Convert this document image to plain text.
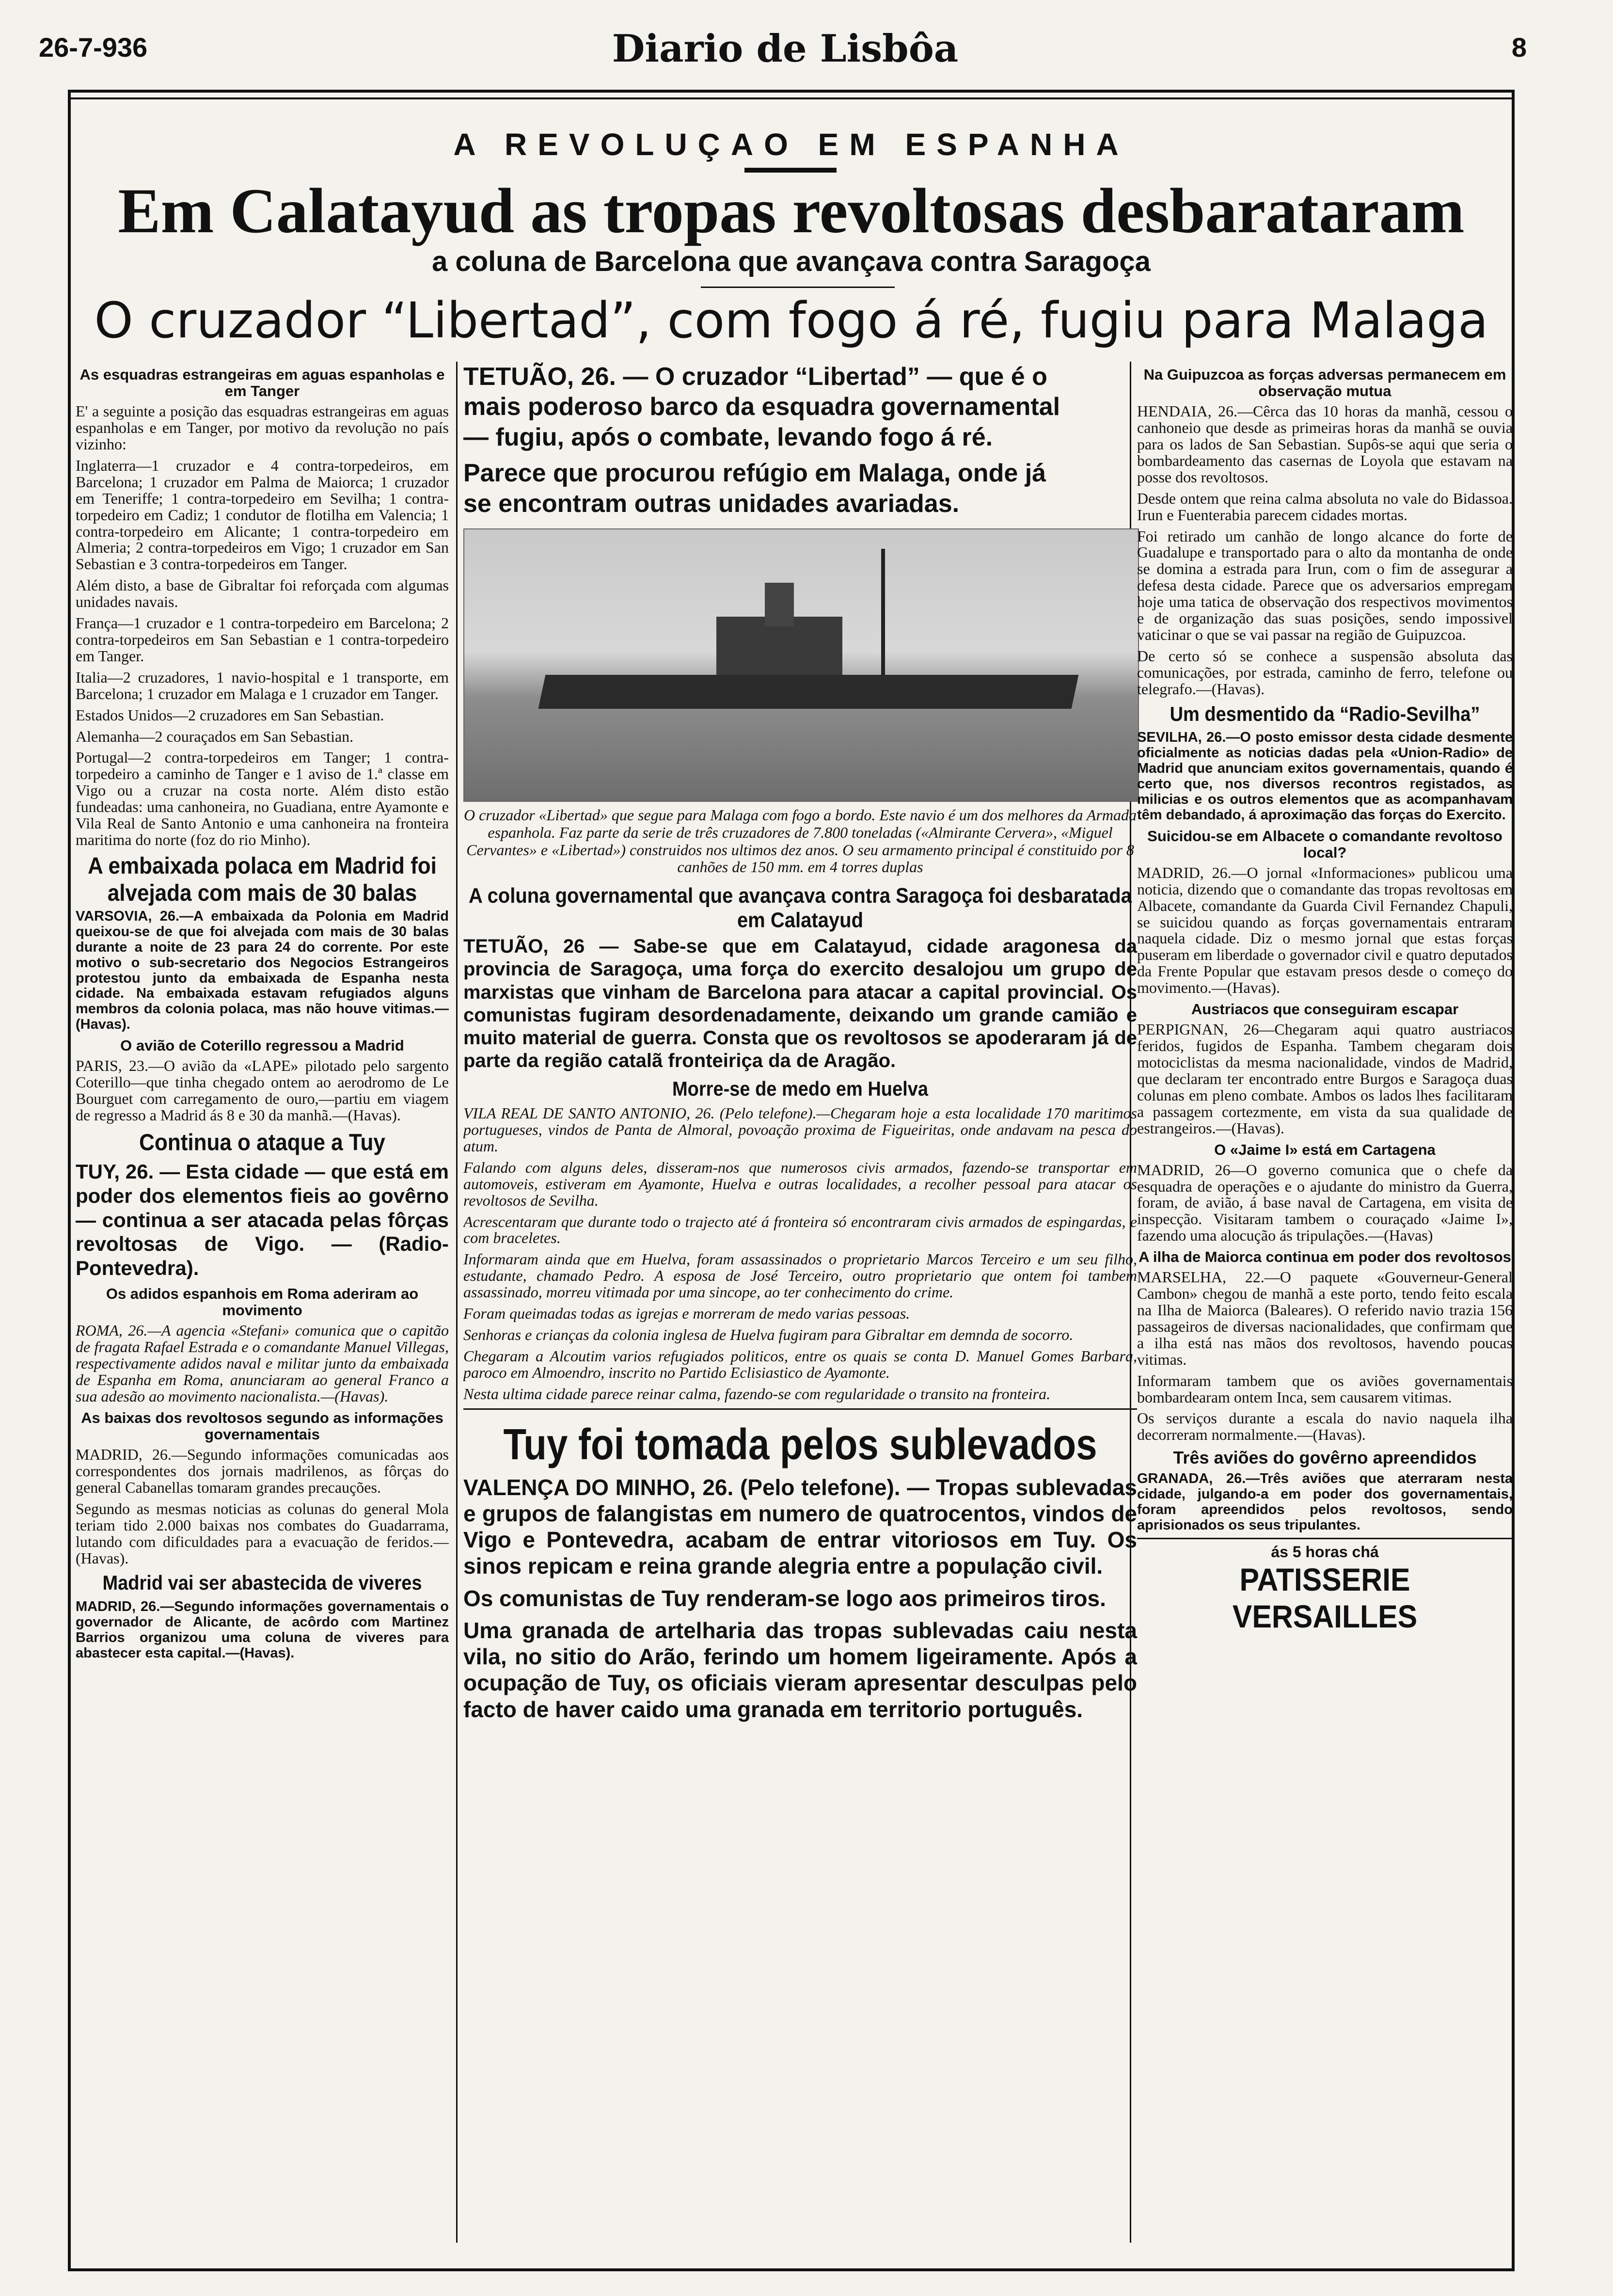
26-7-936	Diario de Lisbôa	8
A REVOLUÇAO EM ESPANHA
Em Calatayud as tropas revoltosas desbarataram
a coluna de Barcelona que avançava contra Saragoça
O cruzador “Libertad”, com fogo á ré, fugiu para Malaga
As esquadras estrangeiras em aguas espanholas e em Tanger

E' a seguinte a posição das esquadras estrangeiras em aguas espanholas e em Tanger, por motivo da revolução no país vizinho:

Inglaterra—1 cruzador e 4 contra-torpedeiros, em Barcelona; 1 cruzador em Palma de Maiorca; 1 cruzador em Teneriffe; 1 contra-torpedeiro em Sevilha; 1 contra-torpedeiro em Cadiz; 1 condutor de flotilha em Valencia; 1 contra-torpedeiro em Alicante; 1 contra-torpedeiro em Almeria; 2 contra-torpedeiros em Vigo; 1 cruzador em San Sebastian e 3 contra-torpedeiros em Tanger.

Além disto, a base de Gibraltar foi reforçada com algumas unidades navais.

França—1 cruzador e 1 contra-torpedeiro em Barcelona; 2 contra-torpedeiros em San Sebastian e 1 contra-torpedeiro em Tanger.

Italia—2 cruzadores, 1 navio-hospital e 1 transporte, em Barcelona; 1 cruzador em Malaga e 1 cruzador em Tanger.

Estados Unidos—2 cruzadores em San Sebastian.

Alemanha—2 couraçados em San Sebastian.

Portugal—2 contra-torpedeiros em Tanger; 1 contra-torpedeiro a caminho de Tanger e 1 aviso de 1.ª classe em Vigo ou a cruzar na costa norte. Além disto estão fundeadas: uma canhoneira, no Guadiana, entre Ayamonte e Vila Real de Santo Antonio e uma canhoneira na fronteira maritima do norte (foz do rio Minho).

A embaixada polaca em Madrid foi alvejada com mais de 30 balas

VARSOVIA, 26.—A embaixada da Polonia em Madrid queixou-se de que foi alvejada com mais de 30 balas durante a noite de 23 para 24 do corrente. Por este motivo o sub-secretario dos Negocios Estrangeiros protestou junto da embaixada de Espanha nesta cidade. Na embaixada estavam refugiados alguns membros da colonia polaca, mas não houve vitimas.—(Havas).

O avião de Coterillo regressou a Madrid

PARIS, 23.—O avião da «LAPE» pilotado pelo sargento Coterillo—que tinha chegado ontem ao aerodromo de Le Bourguet com carregamento de ouro,—partiu em viagem de regresso a Madrid ás 8 e 30 da manhã.—(Havas).

Continua o ataque a Tuy

TUY, 26. — Esta cidade — que está em poder dos elementos fieis ao govêrno — continua a ser atacada pelas fôrças revoltosas de Vigo. — (Radio-Pontevedra).

Os adidos espanhois em Roma aderiram ao movimento

ROMA, 26.—A agencia «Stefani» comunica que o capitão de fragata Rafael Estrada e o comandante Manuel Villegas, respectivamente adidos naval e militar junto da embaixada de Espanha em Roma, anunciaram ao general Franco a sua adesão ao movimento nacionalista.—(Havas).

As baixas dos revoltosos segundo as informações governamentais

MADRID, 26.—Segundo informações comunicadas aos correspondentes dos jornais madrilenos, as fôrças do general Cabanellas tomaram grandes precauções.

Segundo as mesmas noticias as colunas do general Mola teriam tido 2.000 baixas nos combates do Guadarrama, lutando com dificuldades para a evacuação de feridos.—(Havas).

Madrid vai ser abastecida de viveres

MADRID, 26.—Segundo informações governamentais o governador de Alicante, de acôrdo com Martinez Barrios organizou uma coluna de viveres para abastecer esta capital.—(Havas).

TETUÃO, 26. — O cruzador “Libertad” — que é o mais poderoso barco da esquadra governamental — fugiu, após o combate, levando fogo á ré.

Parece que procurou refúgio em Malaga, onde já se encontram outras unidades avariadas.

O cruzador «Libertad» que segue para Malaga com fogo a bordo. Este navio é um dos melhores da Armada espanhola. Faz parte da serie de três cruzadores de 7.800 toneladas («Almirante Cervera», «Miguel Cervantes» e «Libertad») construidos nos ultimos dez anos. O seu armamento principal é constituido por 8 canhões de 150 mm. em 4 torres duplas

A coluna governamental que avançava contra Saragoça foi desbaratada em Calatayud

TETUÃO, 26 — Sabe-se que em Calatayud, cidade aragonesa da provincia de Saragoça, uma força do exercito desalojou um grupo de marxistas que vinham de Barcelona para atacar a capital provincial. Os comunistas fugiram desordenadamente, deixando um grande camião e muito material de guerra. Consta que os revoltosos se apoderaram já de parte da região catalã fronteiriça da de Aragão.

Morre-se de medo em Huelva

VILA REAL DE SANTO ANTONIO, 26. (Pelo telefone).—Chegaram hoje a esta localidade 170 maritimos portugueses, vindos de Panta de Almoral, povoação proxima de Figueiritas, onde andavam na pesca do atum.

Falando com alguns deles, disseram-nos que numerosos civis armados, fazendo-se transportar em automoveis, estiveram em Ayamonte, Huelva e outras localidades, a recolher pessoal para atacar os revoltosos de Sevilha.

Acrescentaram que durante todo o trajecto até á fronteira só encontraram civis armados de espingardas, e com braceletes.

Informaram ainda que em Huelva, foram assassinados o proprietario Marcos Terceiro e um seu filho, estudante, chamado Pedro. A esposa de José Terceiro, outro proprietario que ontem foi tambem assassinado, morreu vitimada por uma sincope, ao ter conhecimento do crime.

Foram queimadas todas as igrejas e morreram de medo varias pessoas.

Senhoras e crianças da colonia inglesa de Huelva fugiram para Gibraltar em demnda de socorro.

Chegaram a Alcoutim varios refugiados politicos, entre os quais se conta D. Manuel Gomes Barbara, paroco em Almoendro, inscrito no Partido Eclisiastico de Ayamonte.

Nesta ultima cidade parece reinar calma, fazendo-se com regularidade o transito na fronteira.

Tuy foi tomada pelos sublevados

VALENÇA DO MINHO, 26. (Pelo telefone). — Tropas sublevadas e grupos de falangistas em numero de quatrocentos, vindos de Vigo e Pontevedra, acabam de entrar vitoriosos em Tuy. Os sinos repicam e reina grande alegria entre a população civil.

Os comunistas de Tuy renderam-se logo aos primeiros tiros.

Uma granada de artelharia das tropas sublevadas caiu nesta vila, no sitio do Arão, ferindo um homem ligeiramente. Após a ocupação de Tuy, os oficiais vieram apresentar desculpas pelo facto de haver caido uma granada em territorio português.

Na Guipuzcoa as forças adversas permanecem em observação mutua

HENDAIA, 26.—Cêrca das 10 horas da manhã, cessou o canhoneio que desde as primeiras horas da manhã se ouvia para os lados de San Sebastian. Supôs-se aqui que seria o bombardeamento das casernas de Loyola que estavam na posse dos revoltosos.

Desde ontem que reina calma absoluta no vale do Bidassoa. Irun e Fuenterabia parecem cidades mortas.

Foi retirado um canhão de longo alcance do forte de Guadalupe e transportado para o alto da montanha de onde se domina a estrada para Irun, com o fim de assegurar a defesa desta cidade. Parece que os adversarios empregam hoje uma tatica de observação dos respectivos movimentos e de organização das suas posições, sendo impossivel vaticinar o que se vai passar na região de Guipuzcoa.

De certo só se conhece a suspensão absoluta das comunicações, por estrada, caminho de ferro, telefone ou telegrafo.—(Havas).

Um desmentido da “Radio-Sevilha”

SEVILHA, 26.—O posto emissor desta cidade desmente oficialmente as noticias dadas pela «Union-Radio» de Madrid que anunciam exitos governamentais, quando é certo que, nos diversos recontros registados, as milicias e os outros elementos que as acompanhavam têm debandado, á aproximação das forças do Exercito.

Suicidou-se em Albacete o comandante revoltoso local?

MADRID, 26.—O jornal «Informaciones» publicou uma noticia, dizendo que o comandante das tropas revoltosas em Albacete, comandante da Guarda Civil Fernandez Chapuli, se suicidou quando as forças governamentais entraram naquela cidade. Diz o mesmo jornal que estas forças puseram em liberdade o governador civil e quatro deputados da Frente Popular que estavam presos desde o começo do movimento.—(Havas).

Austriacos que conseguiram escapar

PERPIGNAN, 26—Chegaram aqui quatro austriacos feridos, fugidos de Espanha. Tambem chegaram dois motociclistas da mesma nacionalidade, vindos de Madrid, que declaram ter encontrado entre Burgos e Saragoça duas colunas em pleno combate. Ambos os lados lhes facilitaram a passagem cortezmente, em vista da sua qualidade de estrangeiros.—(Havas).

O «Jaime I» está em Cartagena

MADRID, 26—O governo comunica que o chefe da esquadra de operações e o ajudante do ministro da Guerra, foram, de avião, á base naval de Cartagena, em visita de inspecção. Visitaram tambem o couraçado «Jaime I», fazendo uma alocução ás tripulações.—(Havas)

A ilha de Maiorca continua em poder dos revoltosos

MARSELHA, 22.—O paquete «Gouverneur-General Cambon» chegou de manhã a este porto, tendo feito escala na Ilha de Maiorca (Baleares). O referido navio trazia 156 passageiros de diversas nacionalidades, que confirmam que a ilha está nas mãos dos revoltosos, havendo poucas vitimas.

Informaram tambem que os aviões governamentais bombardearam ontem Inca, sem causarem vitimas.

Os serviços durante a escala do navio naquela ilha decorreram normalmente.—(Havas).

Três aviões do govêrno apreendidos

GRANADA, 26.—Três aviões que aterraram nesta cidade, julgando-a em poder dos governamentais, foram apreendidos pelos revoltosos, sendo aprisionados os seus tripulantes.

ás 5 horas chá
PATISSERIE VERSAILLES
